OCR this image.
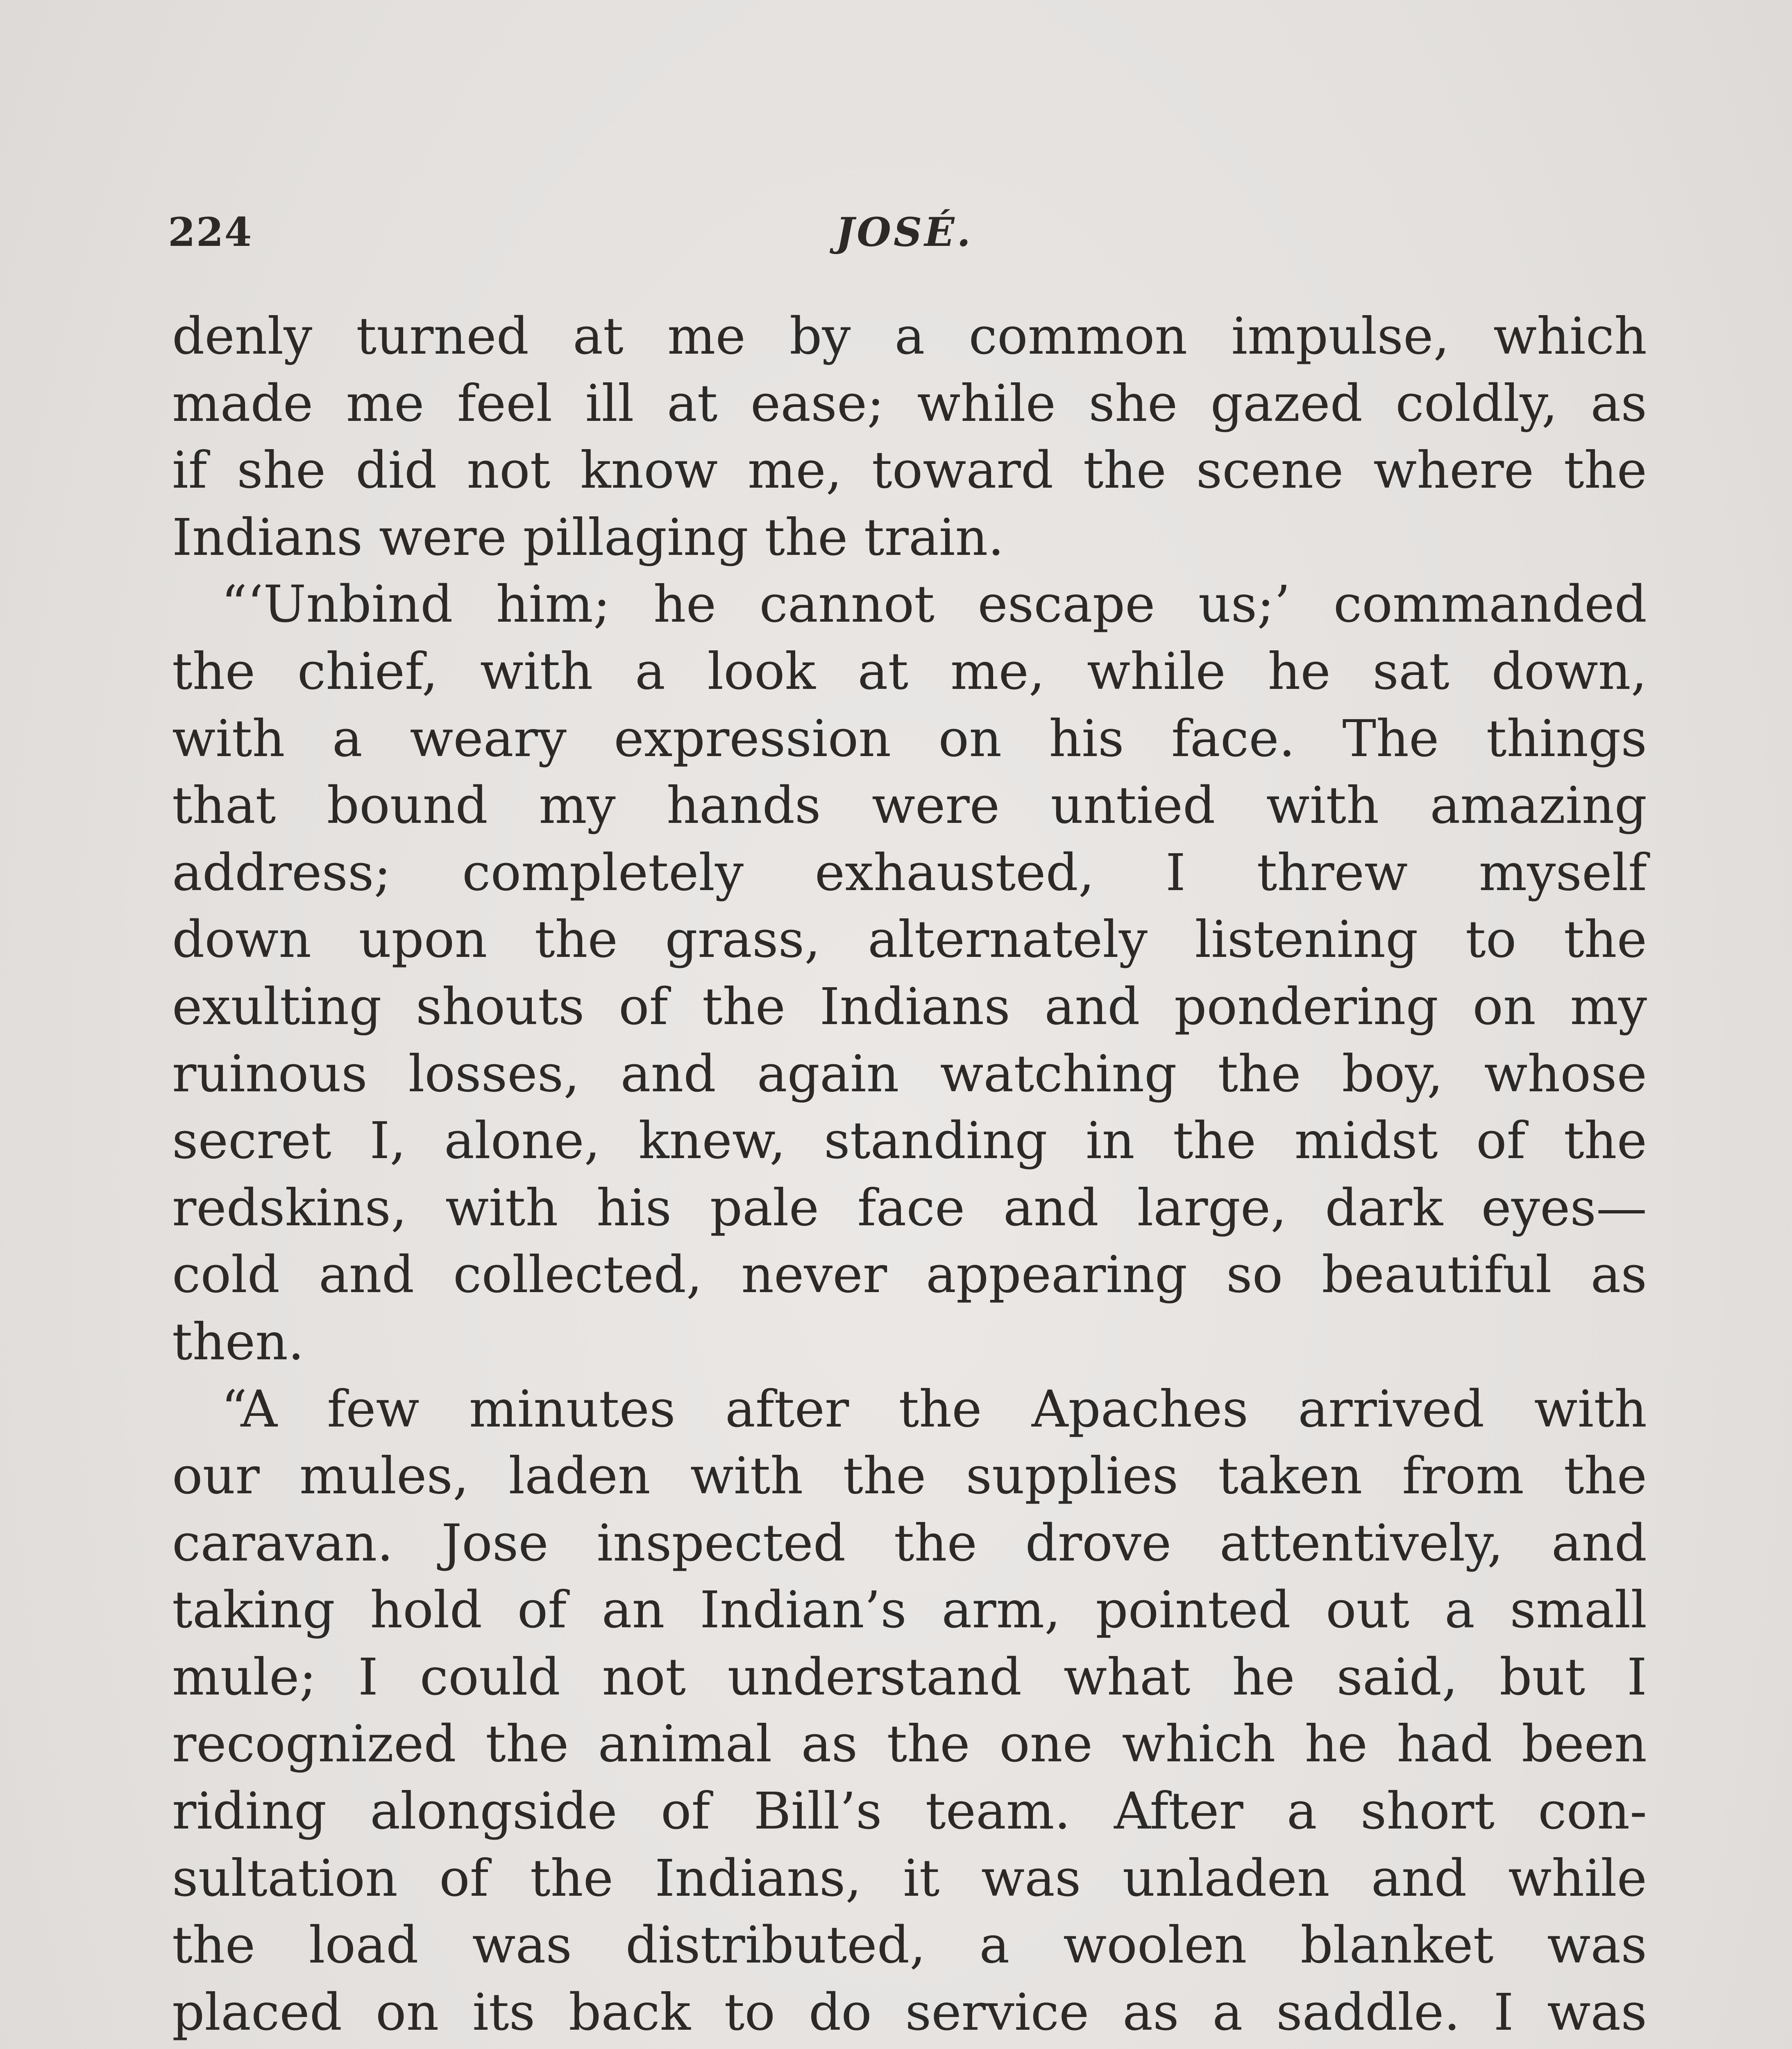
224	JOSÉ.
denly turned at me by a common impulse, which
made me feel ill at ease; while she gazed coldly, as
if she did not know me, toward the scene where the
Indians were pillaging the train.
“‘Unbind him; he cannot escape us;’ commanded
the chief, with a look at me, while he sat down,
with a weary expression on his face. The things
that bound my hands were untied with amazing
address; completely exhausted, I threw myself
down upon the grass, alternately listening to the
exulting shouts of the Indians and pondering on my
ruinous losses, and again watching the boy, whose
secret I, alone, knew, standing in the midst of the
redskins, with his pale face and large, dark eyes—
cold and collected, never appearing so beautiful as
then.
“A few minutes after the Apaches arrived with
our mules, laden with the supplies taken from the
caravan. Jose inspected the drove attentively, and
taking hold of an Indian’s arm, pointed out a small
mule; I could not understand what he said, but I
recognized the animal as the one which he had been
riding alongside of Bill’s team. After a short con-
sultation of the Indians, it was unladen and while
the load was distributed, a woolen blanket was
placed on its back to do service as a saddle. I was
